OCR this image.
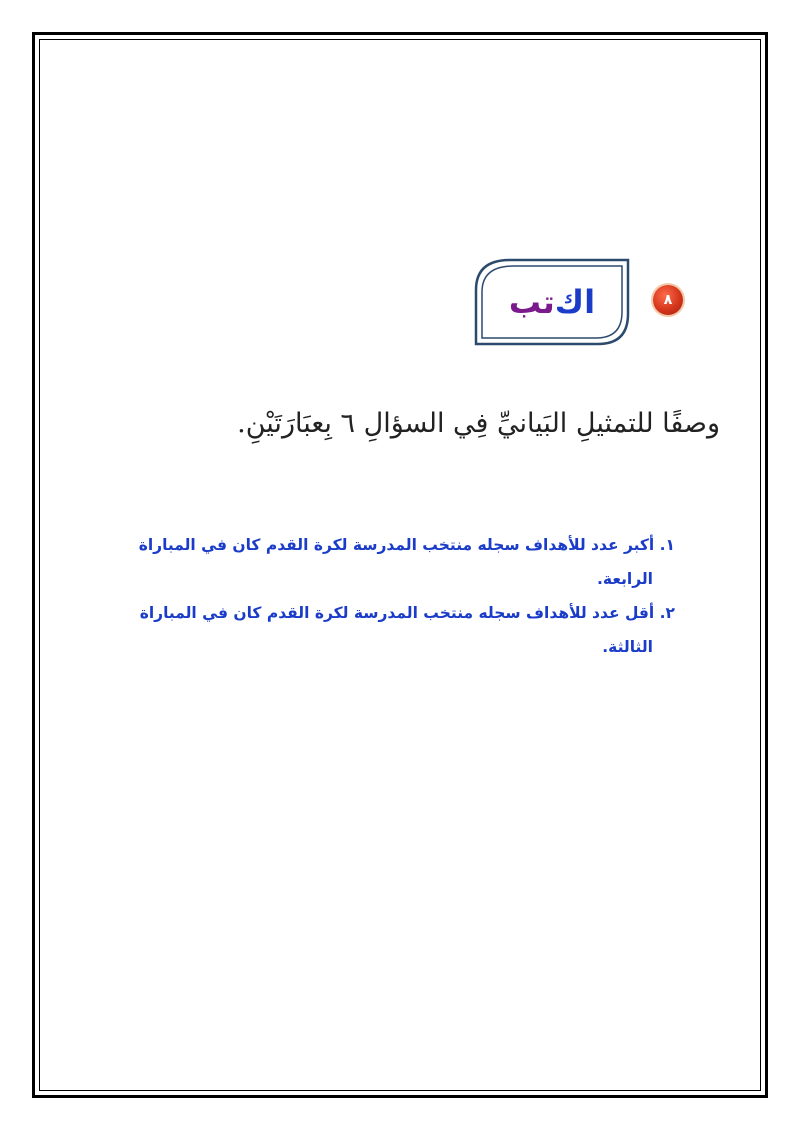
٨
اك
تب
وصفًا للتمثيلِ البَيانيِّ فِي السؤالِ ٦ بِعبَارَتَيْنِ.
١. أكبر عدد للأهداف سجله منتخب المدرسة لكرة القدم كان في المباراة
الرابعة.
٢. أقل عدد للأهداف سجله منتخب المدرسة لكرة القدم كان في المباراة
الثالثة.
